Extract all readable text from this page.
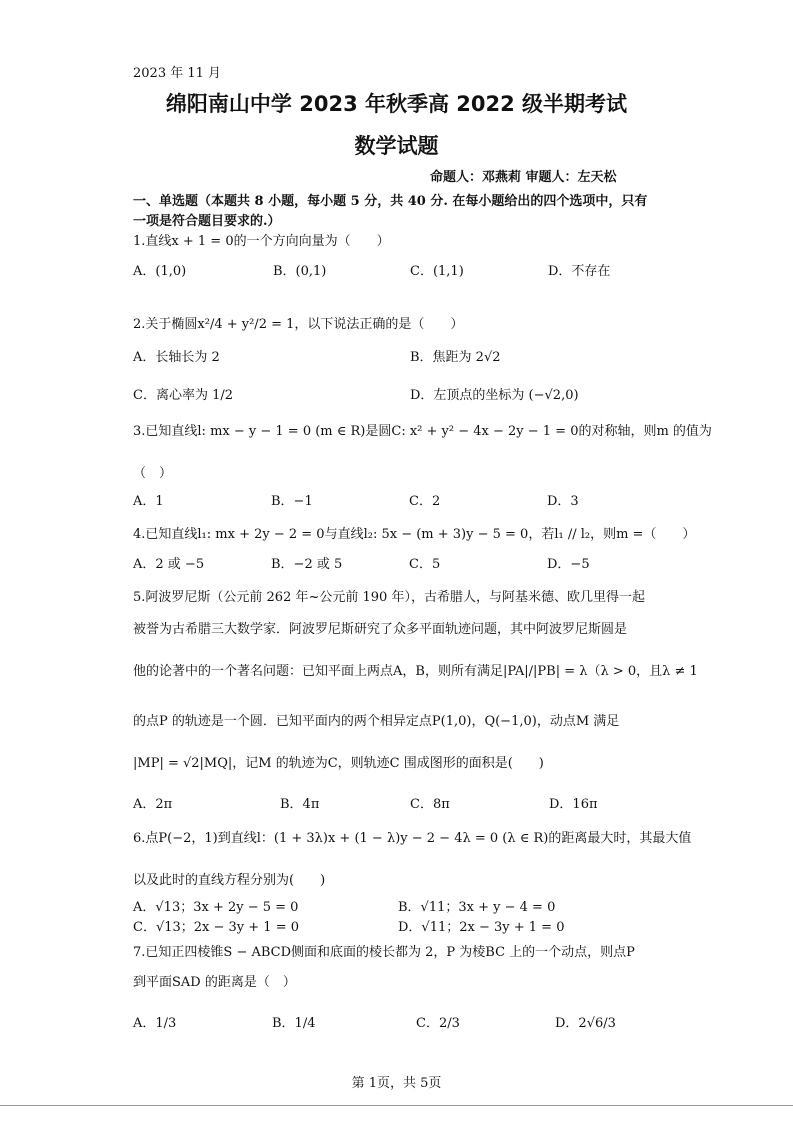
2023 年 11 月
绵阳南山中学 2023 年秋季高 2022 级半期考试
数学试题
命题人：邓燕莉 审题人：左天松
一、单选题（本题共 8 小题，每小题 5 分，共 40 分. 在每小题给出的四个选项中，只有
一项是符合题目要求的.）
1.直线x + 1 = 0的一个方向向量为（　　）
A．(1,0)	B．(0,1)	C．(1,1)	D．不存在
2.关于椭圆x²/4 + y²/2 = 1，以下说法正确的是（　　）
A．长轴长为 2	B．焦距为 2√2
C．离心率为 1/2	D．左顶点的坐标为 (−√2,0)
3.已知直线l: mx − y − 1 = 0 (m ∈ R)是圆C: x² + y² − 4x − 2y − 1 = 0的对称轴，则m 的值为
（　）
A．1	B．−1	C．2	D．3
4.已知直线l₁: mx + 2y − 2 = 0与直线l₂: 5x − (m + 3)y − 5 = 0，若l₁ // l₂，则m =（　　）
A．2 或 −5	B．−2 或 5	C．5	D．−5
5.阿波罗尼斯（公元前 262 年~公元前 190 年），古希腊人，与阿基米德、欧几里得一起
被誉为古希腊三大数学家．阿波罗尼斯研究了众多平面轨迹问题，其中阿波罗尼斯圆是
他的论著中的一个著名问题：已知平面上两点A，B，则所有满足|PA|/|PB| = λ（λ > 0，且λ ≠ 1
的点P 的轨迹是一个圆．已知平面内的两个相异定点P(1,0)，Q(−1,0)，动点M 满足
|MP| = √2|MQ|，记M 的轨迹为C，则轨迹C 围成图形的面积是(　　)
A．2π	B．4π	C．8π	D．16π
6.点P(−2，1)到直线l：(1 + 3λ)x + (1 − λ)y − 2 − 4λ = 0 (λ ∈ R)的距离最大时，其最大值
以及此时的直线方程分别为(　　)
A．√13；3x + 2y − 5 = 0	B．√11；3x + y − 4 = 0
C．√13；2x − 3y + 1 = 0	D．√11；2x − 3y + 1 = 0
7.已知正四棱锥S − ABCD侧面和底面的棱长都为 2，P 为棱BC 上的一个动点，则点P
到平面SAD 的距离是（　）
A．1/3	B．1/4	C．2/3	D．2√6/3
第 1页，共 5页
